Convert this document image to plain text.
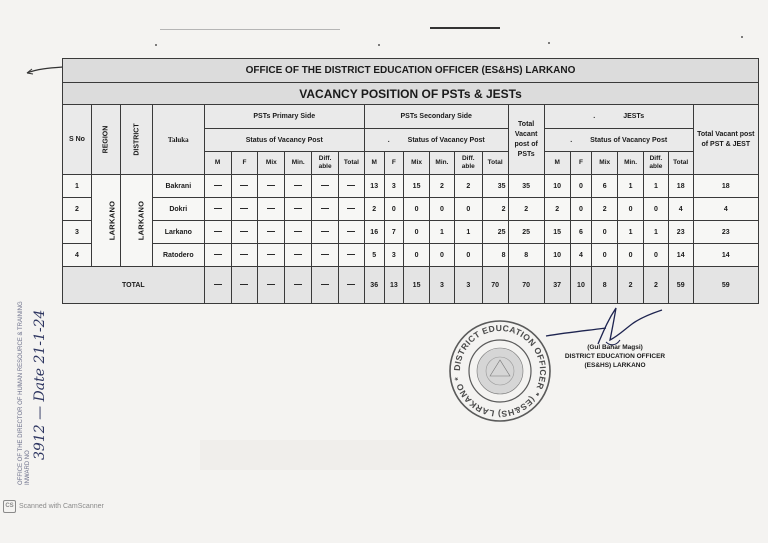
OFFICE OF THE DISTRICT EDUCATION OFFICER (ES&HS) LARKANO																							
VACANCY POSITION OF PSTs & JESTs																							
S No	REGION	DISTRICT	Taluka	PSTs Primary Side						PSTs Secondary Side						Total Vacant post of PSTs	. JESTs						Total Vacant post of PST & JEST
				Status of Vacancy Post						. Status of Vacancy Post							. Status of Vacancy Post						
				M	F	Mix	Min.	Diff. able	Total	M	F	Mix	Min.	Diff. able	Total		M	F	Mix	Min.	Diff. able	Total	
1	LARKANO	LARKANO	Bakrani							13	3	15	2	2	35	35	10	0	6	1	1	18	18
2			Dokri							2	0	0	0	0	2	2	2	0	2	0	0	4	4
3			Larkano							16	7	0	1	1	25	25	15	6	0	1	1	23	23
4			Ratodero							5	3	0	0	0	8	8	10	4	0	0	0	14	14
TOTAL										36	13	15	3	3	70	70	37	10	8	2	2	59	59
DISTRICT EDUCATION OFFICER * (ES&HS) LARKANO *
(Gul Bahar Magsi)
DISTRICT EDUCATION OFFICER
(ES&HS) LARKANO
OFFICE OF THE DIRECTOR OF HUMAN RESOURCE & TRAINING INWARD NO
3912 — Date 21-1-24
CS Scanned with CamScanner
